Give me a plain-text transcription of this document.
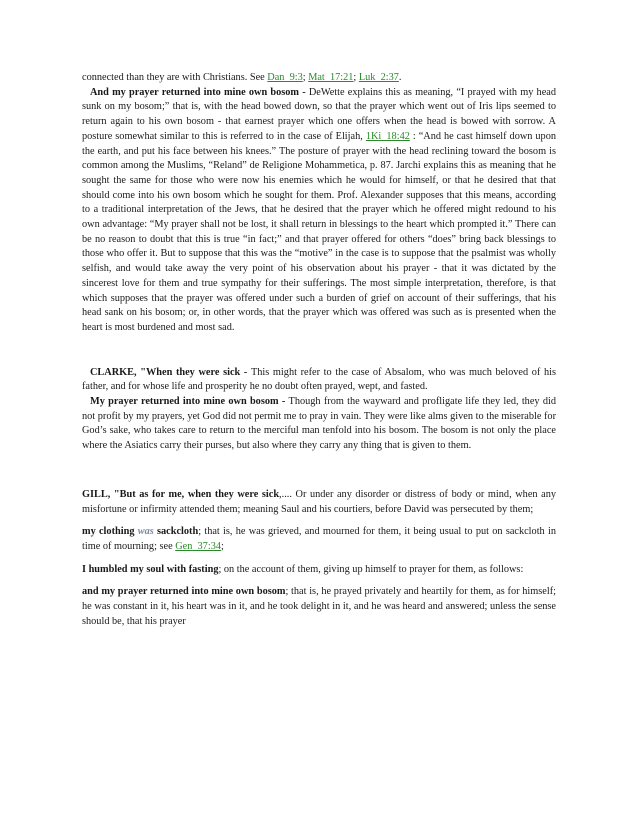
connected than they are with Christians. See Dan_9:3; Mat_17:21; Luk_2:37.

And my prayer returned into mine own bosom - DeWette explains this as meaning, “I prayed with my head sunk on my bosom;” that is, with the head bowed down, so that the prayer which went out of Iris lips seemed to return again to his own bosom - that earnest prayer which one offers when the head is bowed with sorrow. A posture somewhat similar to this is referred to in the case of Elijah, 1Ki_18:42 : “And he cast himself down upon the earth, and put his face between his knees.” The posture of prayer with the head reclining toward the bosom is common among the Muslims, “Reland” de Religione Mohammetica, p. 87. Jarchi explains this as meaning that he sought the same for those who were now his enemies which he would for himself, or that he desired that that should come into his own bosom which he sought for them. Prof. Alexander supposes that this means, according to a traditional interpretation of the Jews, that he desired that the prayer which he offered might redound to his own advantage: “My prayer shall not be lost, it shall return in blessings to the heart which prompted it.” There can be no reason to doubt that this is true “in fact;” and that prayer offered for others “does” bring back blessings to those who offer it. But to suppose that this was the “motive” in the case is to suppose that the psalmist was wholly selfish, and would take away the very point of his observation about his prayer - that it was dictated by the sincerest love for them and true sympathy for their sufferings. The most simple interpretation, therefore, is that which supposes that the prayer was offered under such a burden of grief on account of their sufferings, that his head sank on his bosom; or, in other words, that the prayer which was offered was such as is presented when the heart is most burdened and most sad.

CLARKE, "When they were sick - This might refer to the case of Absalom, who was much beloved of his father, and for whose life and prosperity he no doubt often prayed, wept, and fasted.

My prayer returned into mine own bosom - Though from the wayward and profligate life they led, they did not profit by my prayers, yet God did not permit me to pray in vain. They were like alms given to the miserable for God’s sake, who takes care to return to the merciful man tenfold into his bosom. The bosom is not only the place where the Asiatics carry their purses, but also where they carry any thing that is given to them.

GILL, "But as for me, when they were sick,.... Or under any disorder or distress of body or mind, when any misfortune or infirmity attended them; meaning Saul and his courtiers, before David was persecuted by them;

my clothing was sackcloth; that is, he was grieved, and mourned for them, it being usual to put on sackcloth in time of mourning; see Gen_37:34;

I humbled my soul with fasting; on the account of them, giving up himself to prayer for them, as follows:

and my prayer returned into mine own bosom; that is, he prayed privately and heartily for them, as for himself; he was constant in it, his heart was in it, and he took delight in it, and he was heard and answered; unless the sense should be, that his prayer
